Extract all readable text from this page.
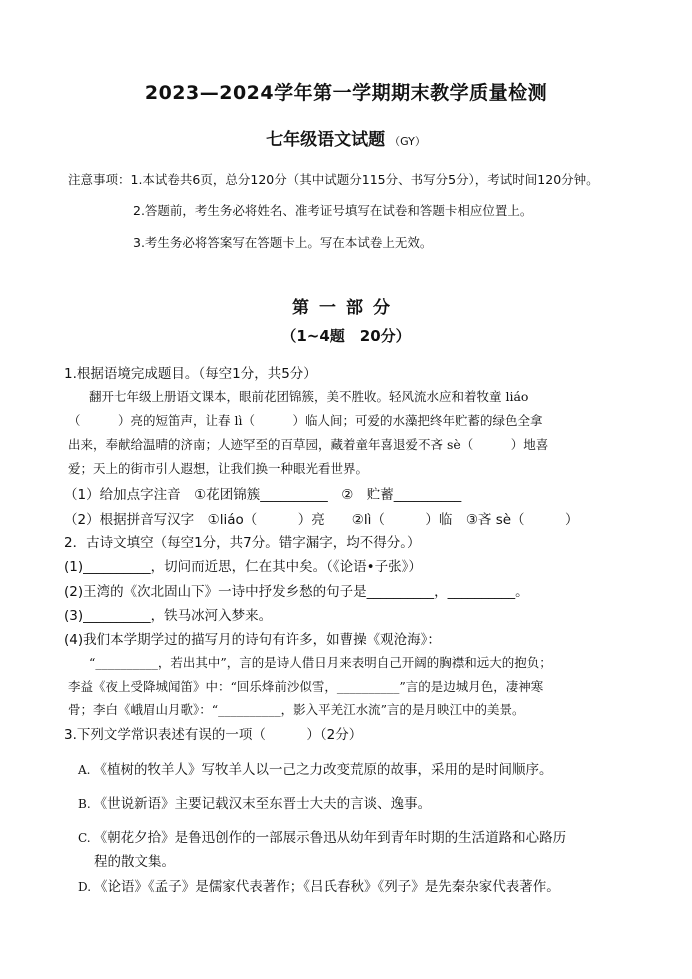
2023—2024学年第一学期期末教学质量检测
七年级语文试题 （GY）
注意事项：1.本试卷共6页，总分120分（其中试题分115分、书写分5分），考试时间120分钟。
2.答题前，考生务必将姓名、准考证号填写在试卷和答题卡相应位置上。
3.考生务必将答案写在答题卡上。写在本试卷上无效。
第一部分
（1~4题　20分）
1.根据语境完成题目。（每空1分，共5分）
翻开七年级上册语文课本，眼前花团锦簇，美不胜收。轻风流水应和着牧童 liáo
（　　　）亮的短笛声，让春 lì（　　　）临人间；可爱的水藻把终年贮蓄的绿色全拿
出来，奉献给温晴的济南；人迹罕至的百草园，藏着童年喜退爱不吝 sè（　　　）地喜
爱；天上的街市引人遐想，让我们换一种眼光看世界。
（1）给加点字注音　①花团锦簇__________　②　贮蓄__________
（2）根据拼音写汉字　①liáo（　　　）亮　　②lì（　　　）临　③吝 sè（　　　）
2．古诗文填空（每空1分，共7分。错字漏字，均不得分。）
(1)__________，切问而近思，仁在其中矣。（《论语•子张》）
(2)王湾的《次北固山下》一诗中抒发乡愁的句子是__________，__________。
(3)__________，铁马冰河入梦来。
(4)我们本学期学过的描写月的诗句有许多，如曹操《观沧海》：
“__________，若出其中”，言的是诗人借日月来表明自己开阔的胸襟和远大的抱负；
李益《夜上受降城闻笛》中：“回乐烽前沙似雪，__________”言的是边城月色，凄神寒
骨；李白《峨眉山月歌》：“__________，影入平羌江水流”言的是月映江中的美景。
3.下列文学常识表述有误的一项（　　　）（2分）
A. 《植树的牧羊人》写牧羊人以一己之力改变荒原的故事，采用的是时间顺序。
B. 《世说新语》主要记载汉末至东晋士大夫的言谈、逸事。
C. 《朝花夕拾》是鲁迅创作的一部展示鲁迅从幼年到青年时期的生活道路和心路历
程的散文集。
D. 《论语》《孟子》是儒家代表著作；《吕氏春秋》《列子》是先秦杂家代表著作。
